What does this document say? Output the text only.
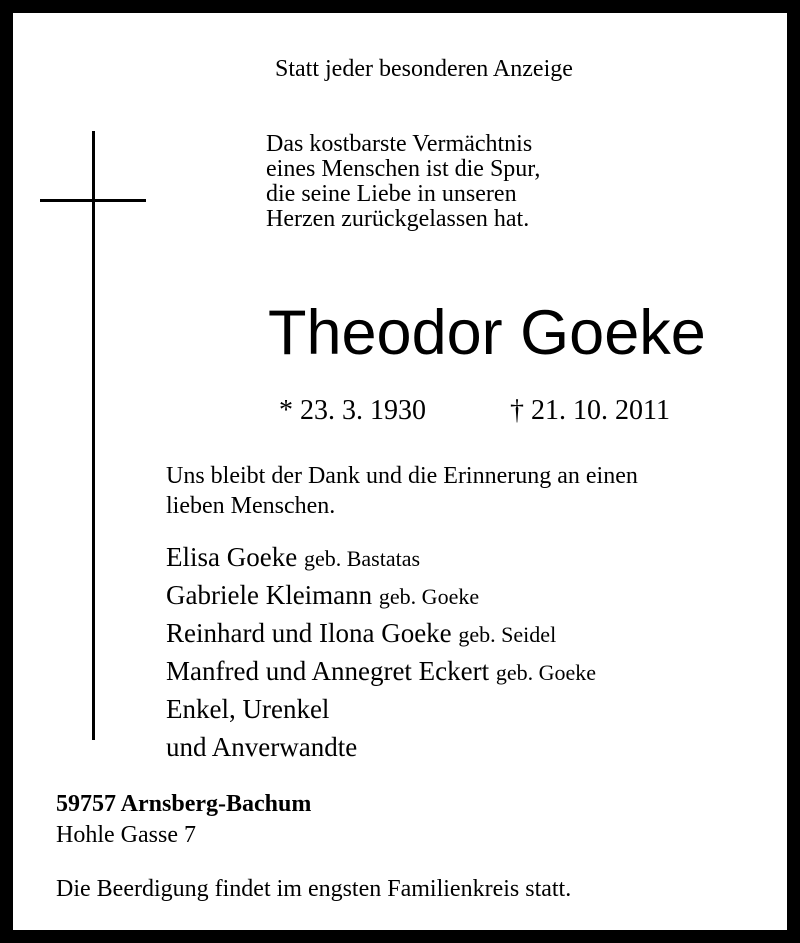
Statt jeder besonderen Anzeige
Das kostbarste Vermächtnis
eines Menschen ist die Spur,
die seine Liebe in unseren
Herzen zurückgelassen hat.
Theodor Goeke
* 23. 3. 1930	† 21. 10. 2011
Uns bleibt der Dank und die Erinnerung an einen
lieben Menschen.
Elisa Goeke geb. Bastatas
Gabriele Kleimann geb. Goeke
Reinhard und Ilona Goeke geb. Seidel
Manfred und Annegret Eckert geb. Goeke
Enkel, Urenkel
und Anverwandte
59757 Arnsberg-Bachum
Hohle Gasse 7
Die Beerdigung findet im engsten Familienkreis statt.
